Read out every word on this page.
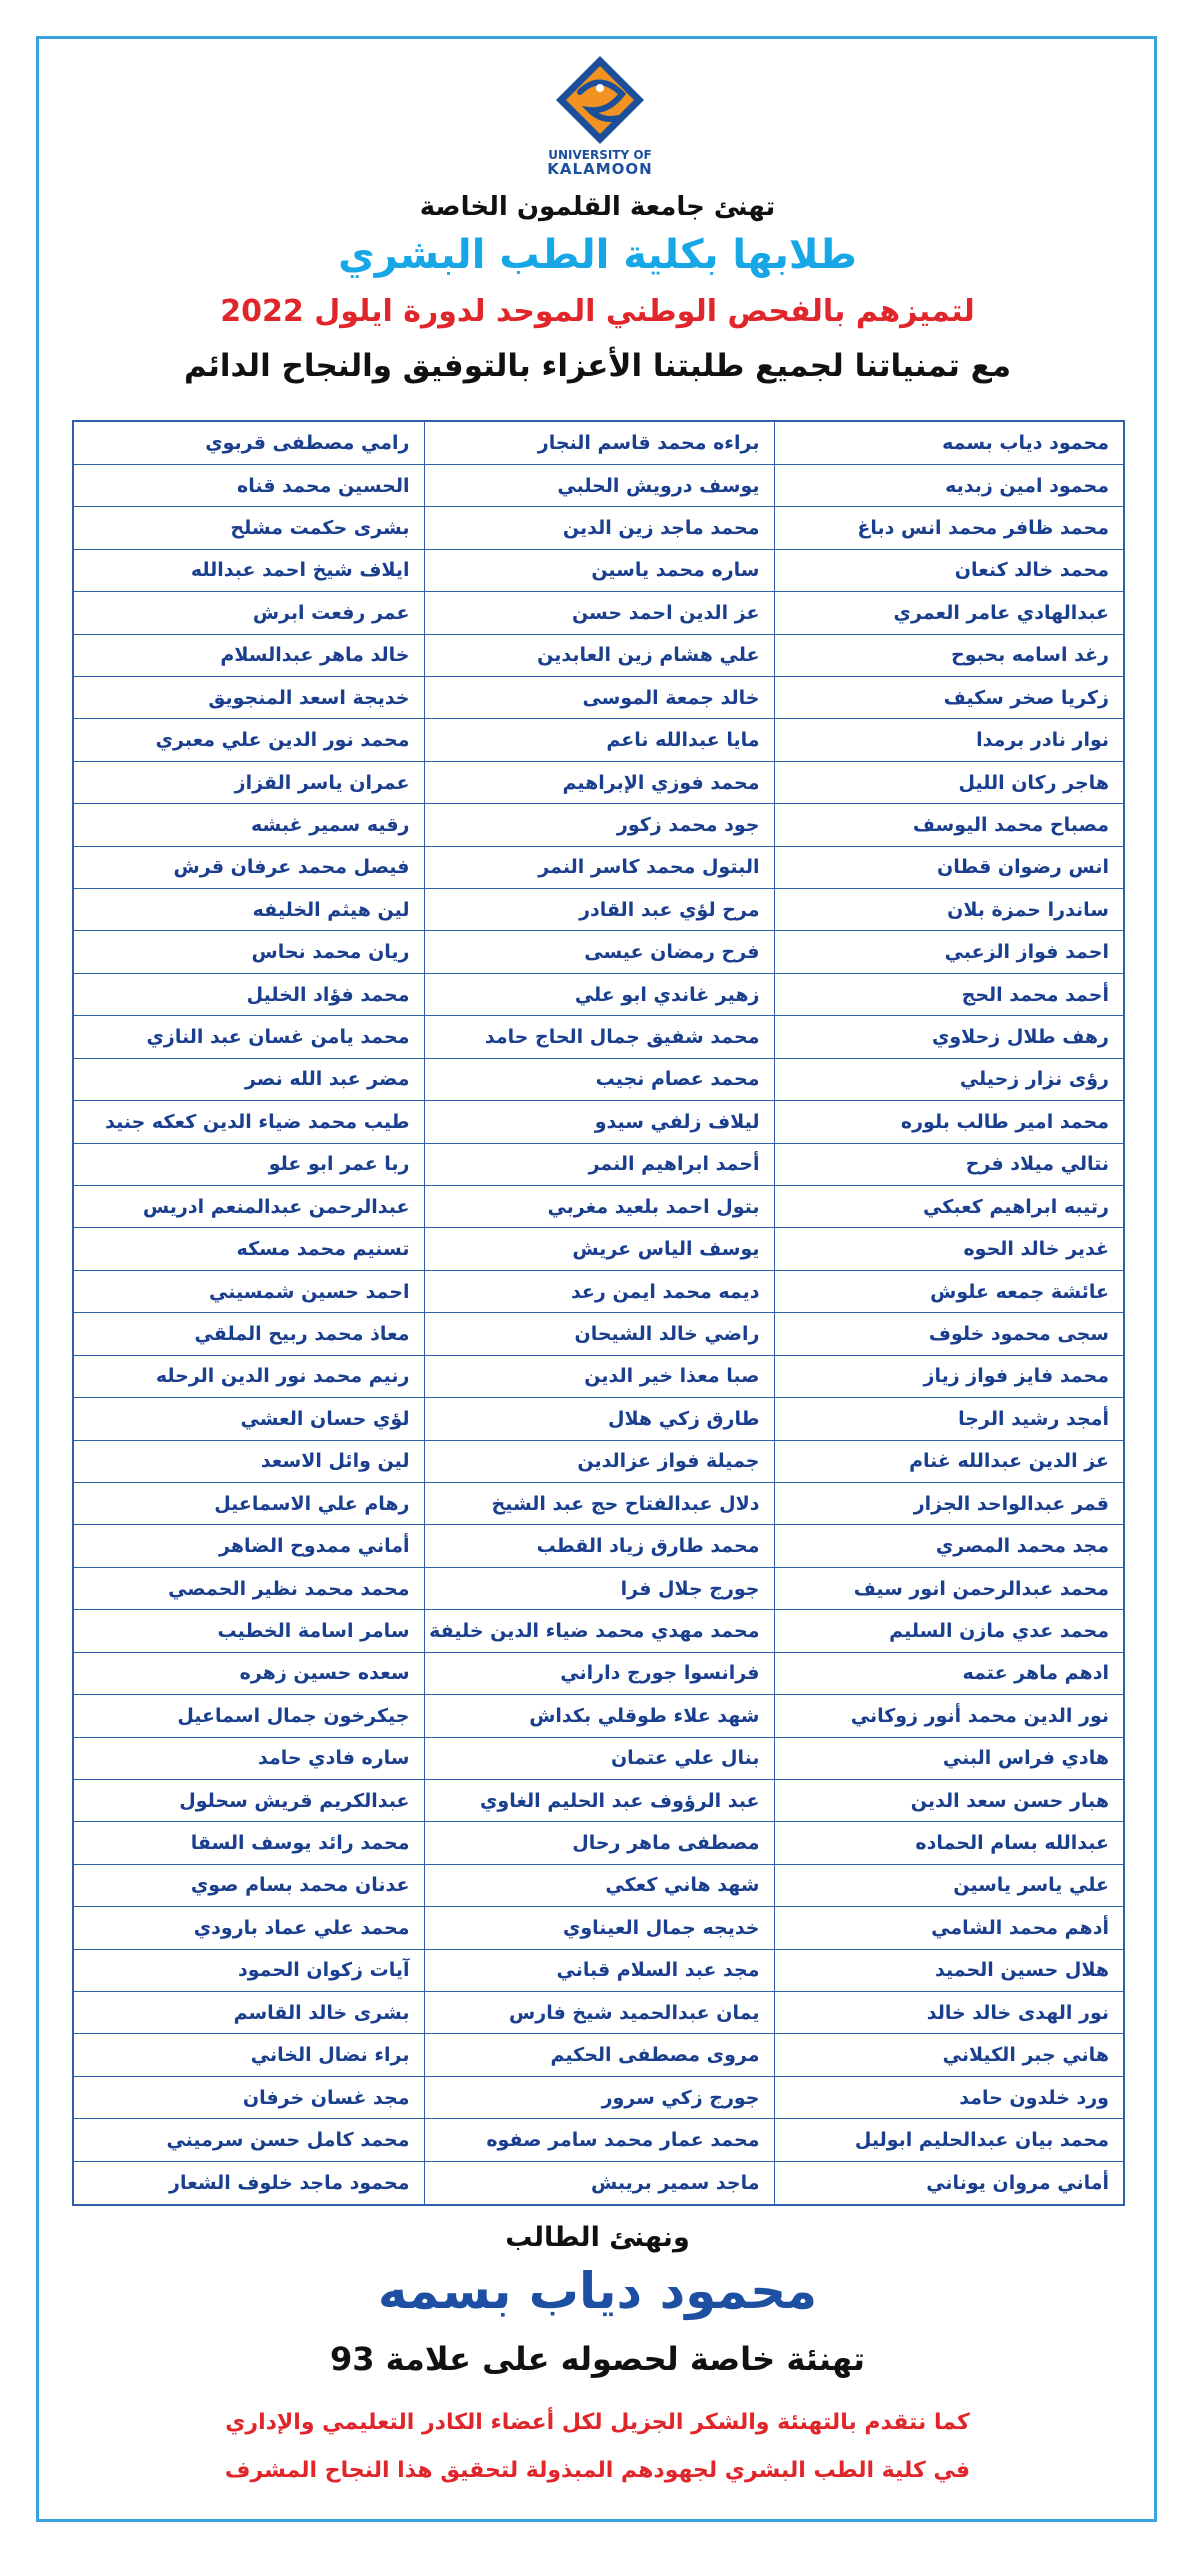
UNIVERSITY OF
KALAMOON
تهنئ جامعة القلمون الخاصة
طلابها بكلية الطب البشري
لتميزهم بالفحص الوطني الموحد لدورة ايلول 2022
مع تمنياتنا لجميع طلبتنا الأعزاء بالتوفيق والنجاح الدائم
محمود دياب بسمه	براءه محمد قاسم النجار	رامي مصطفى قربوي
محمود امين زبديه	يوسف درويش الحلبي	الحسين محمد قناه
محمد ظافر محمد انس دباغ	محمد ماجد زين الدين	بشرى حكمت مشلح
محمد خالد كنعان	ساره محمد ياسين	ايلاف شيخ احمد عبدالله
عبدالهادي عامر العمري	عز الدين احمد حسن	عمر رفعت ابرش
رغد اسامه بحبوح	علي هشام زين العابدين	خالد ماهر عبدالسلام
زكريا صخر سكيف	خالد جمعة الموسى	خديجة اسعد المنجويق
نوار نادر برمدا	مايا عبدالله ناعم	محمد نور الدين علي معبري
هاجر ركان الليل	محمد فوزي الإبراهيم	عمران ياسر القزاز
مصباح محمد اليوسف	جود محمد زكور	رقيه سمير غبشه
انس رضوان قطان	البتول محمد كاسر النمر	فيصل محمد عرفان قرش
ساندرا حمزة بلان	مرح لؤي عبد القادر	لين هيثم الخليفه
احمد فواز الزعبي	فرح رمضان عيسى	ريان محمد نحاس
أحمد محمد الحج	زهير غاندي ابو علي	محمد فؤاد الخليل
رهف طلال زحلاوي	محمد شفيق جمال الحاج حامد	محمد يامن غسان عبد النازي
رؤى نزار زحيلي	محمد عصام نجيب	مضر عبد الله نصر
محمد امير طالب بلوره	ليلاف زلفي سيدو	طيب محمد ضياء الدين كعكه جنيد
نتالي ميلاد فرح	أحمد ابراهيم النمر	ربا عمر ابو علو
رتيبه ابراهيم كعبكي	بتول احمد بلعيد مغربي	عبدالرحمن عبدالمنعم ادريس
غدير خالد الحوه	يوسف الياس عريش	تسنيم محمد مسكه
عائشة جمعه علوش	ديمه محمد ايمن رعد	احمد حسين شمسيني
سجى محمود خلوف	راضي خالد الشيحان	معاذ محمد ربيح الملقي
محمد فايز فواز زياز	صبا معذا خير الدين	رنيم محمد نور الدين الرحله
أمجد رشيد الرجا	طارق زكي هلال	لؤي حسان العشي
عز الدين عبدالله غنام	جميلة فواز عزالدين	لين وائل الاسعد
قمر عبدالواحد الجزار	دلال عبدالفتاح حج عبد الشيخ	رهام علي الاسماعيل
مجد محمد المصري	محمد طارق زياد القطب	أماني ممدوح الضاهر
محمد عبدالرحمن انور سيف	جورج جلال فرا	محمد محمد نظير الحمصي
محمد عدي مازن السليم	محمد مهدي محمد ضياء الدين خليفة	سامر اسامة الخطيب
ادهم ماهر عتمه	فرانسوا جورج داراني	سعده حسين زهره
نور الدين محمد أنور زوكاني	شهد علاء طوقلي بكداش	جيكرخون جمال اسماعيل
هادي فراس البني	بنال علي عتمان	ساره فادي حامد
هبار حسن سعد الدين	عبد الرؤوف عبد الحليم الغاوي	عبدالكريم قريش سحلول
عبدالله بسام الحماده	مصطفى ماهر رحال	محمد رائد يوسف السقا
علي ياسر ياسين	شهد هاني كعكي	عدنان محمد بسام صوي
أدهم محمد الشامي	خديجه جمال العيناوي	محمد علي عماد بارودي
هلال حسين الحميد	مجد عبد السلام قباني	آيات زكوان الحمود
نور الهدى خالد خالد	يمان عبدالحميد شيخ فارس	بشرى خالد القاسم
هاني جبر الكيلاني	مروى مصطفى الحكيم	براء نضال الخاني
ورد خلدون حامد	جورج زكي سرور	مجد غسان خرفان
محمد بيان عبدالحليم ابوليل	محمد عمار محمد سامر صفوه	محمد كامل حسن سرميني
أماني مروان يوناني	ماجد سمير بريبش	محمود ماجد خلوف الشعار
ونهنئ الطالب
محمود دياب بسمه
تهنئة خاصة لحصوله على علامة 93
كما نتقدم بالتهنئة والشكر الجزيل لكل أعضاء الكادر التعليمي والإداري
في كلية الطب البشري لجهودهم المبذولة لتحقيق هذا النجاح المشرف
